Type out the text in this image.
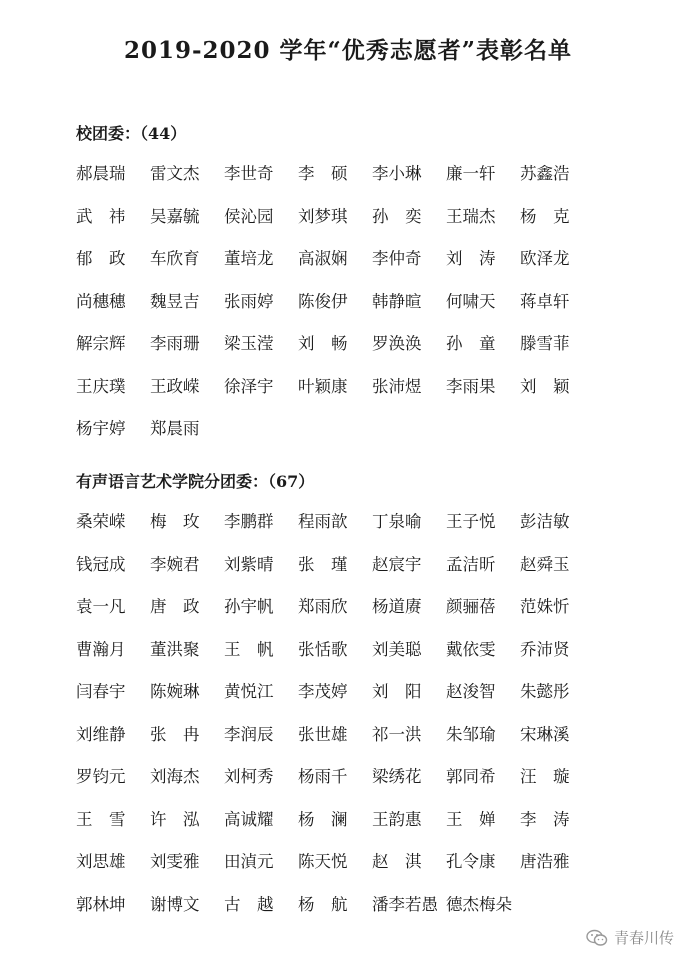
2019-2020 学年“优秀志愿者”表彰名单
校团委：（44）
郝晨瑞	雷文杰	李世奇	李　硕	李小琳	廉一轩	苏鑫浩
武　祎	吴嘉毓	侯沁园	刘梦琪	孙　奕	王瑞杰	杨　克
郁　政	车欣育	董培龙	高淑娴	李仲奇	刘　涛	欧泽龙
尚穗穗	魏昱吉	张雨婷	陈俊伊	韩静暄	何啸天	蒋卓轩
解宗辉	李雨珊	梁玉滢	刘　畅	罗涣涣	孙　童	滕雪菲
王庆璞	王政嵘	徐泽宇	叶颖康	张沛煜	李雨果	刘　颖
杨宇婷	郑晨雨
有声语言艺术学院分团委：（67）
桑荣嵘	梅　玫	李鹏群	程雨歆	丁泉喻	王子悦	彭洁敏
钱冠成	李婉君	刘紫晴	张　瑾	赵宸宇	孟洁昕	赵舜玉
袁一凡	唐　政	孙宇帆	郑雨欣	杨道赓	颜骊蓓	范姝忻
曹瀚月	董洪聚	王　帆	张恬歌	刘美聪	戴依雯	乔沛贤
闫春宇	陈婉琳	黄悦江	李茂婷	刘　阳	赵浚智	朱懿彤
刘维静	张　冉	李润辰	张世雄	祁一洪	朱邹瑜	宋琳溪
罗钧元	刘海杰	刘柯秀	杨雨千	梁绣花	郭同希	汪　璇
王　雪	许　泓	高诚耀	杨　澜	王韵惠	王　婵	李　涛
刘思雄	刘雯雅	田湞元	陈天悦	赵　淇	孔令康	唐浩雅
郭林坤	谢博文	古　越	杨　航	潘李若愚 德杰梅朵
青春川传
